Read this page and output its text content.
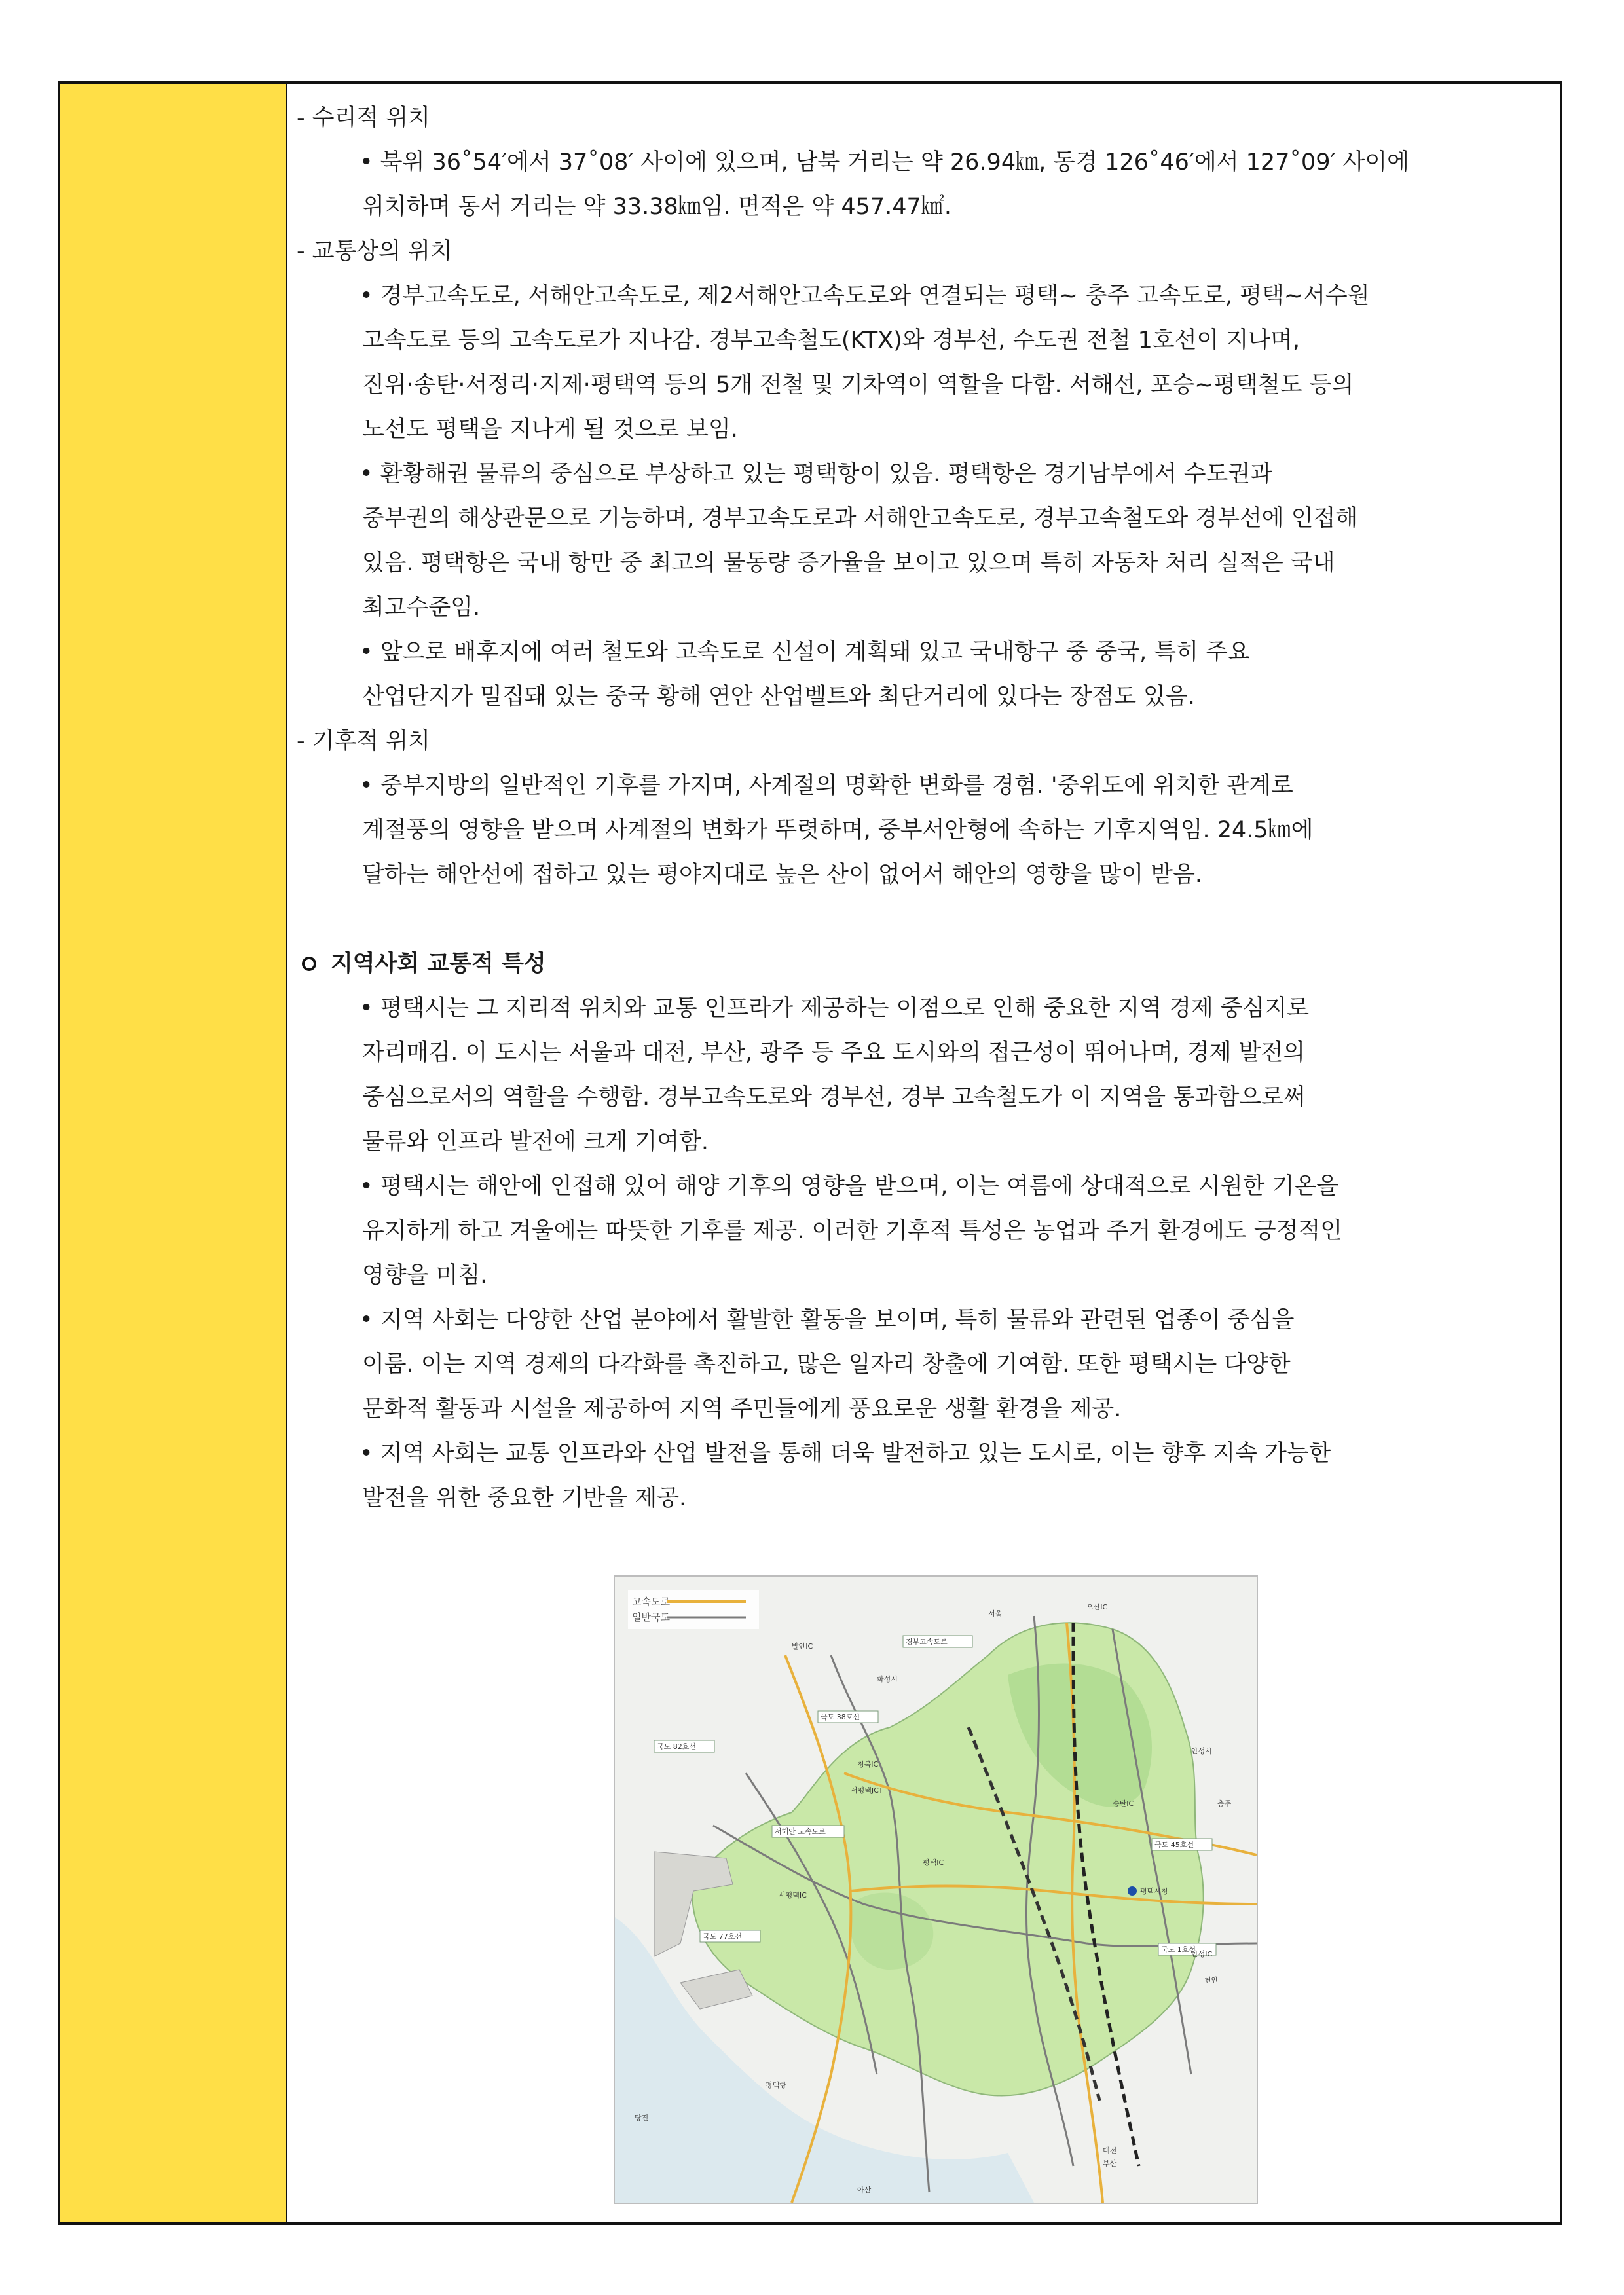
- 수리적 위치
• 북위 36˚54′에서 37˚08′ 사이에 있으며, 남북 거리는 약 26.94㎞, 동경 126˚46′에서 127˚09′ 사이에
위치하며 동서 거리는 약 33.38㎞임. 면적은 약 457.47㎢.
- 교통상의 위치
• 경부고속도로, 서해안고속도로, 제2서해안고속도로와 연결되는 평택~ 충주 고속도로, 평택~서수원
고속도로 등의 고속도로가 지나감. 경부고속철도(KTX)와 경부선, 수도권 전철 1호선이 지나며,
진위·송탄·서정리·지제·평택역 등의 5개 전철 및 기차역이 역할을 다함. 서해선, 포승~평택철도 등의
노선도 평택을 지나게 될 것으로 보임.
• 환황해권 물류의 중심으로 부상하고 있는 평택항이 있음. 평택항은 경기남부에서 수도권과
중부권의 해상관문으로 기능하며, 경부고속도로과 서해안고속도로, 경부고속철도와 경부선에 인접해
있음. 평택항은 국내 항만 중 최고의 물동량 증가율을 보이고 있으며 특히 자동차 처리 실적은 국내
최고수준임.
• 앞으로 배후지에 여러 철도와 고속도로 신설이 계획돼 있고 국내항구 중 중국, 특히 주요
산업단지가 밀집돼 있는 중국 황해 연안 산업벨트와 최단거리에 있다는 장점도 있음.
- 기후적 위치
• 중부지방의 일반적인 기후를 가지며, 사계절의 명확한 변화를 경험. '중위도에 위치한 관계로
계절풍의 영향을 받으며 사계절의 변화가 뚜렷하며, 중부서안형에 속하는 기후지역임. 24.5㎞에
달하는 해안선에 접하고 있는 평야지대로 높은 산이 없어서 해안의 영향을 많이 받음.
지역사회 교통적 특성
• 평택시는 그 지리적 위치와 교통 인프라가 제공하는 이점으로 인해 중요한 지역 경제 중심지로
자리매김. 이 도시는 서울과 대전, 부산, 광주 등 주요 도시와의 접근성이 뛰어나며, 경제 발전의
중심으로서의 역할을 수행함. 경부고속도로와 경부선, 경부 고속철도가 이 지역을 통과함으로써
물류와 인프라 발전에 크게 기여함.
• 평택시는 해안에 인접해 있어 해양 기후의 영향을 받으며, 이는 여름에 상대적으로 시원한 기온을
유지하게 하고 겨울에는 따뜻한 기후를 제공. 이러한 기후적 특성은 농업과 주거 환경에도 긍정적인
영향을 미침.
• 지역 사회는 다양한 산업 분야에서 활발한 활동을 보이며, 특히 물류와 관련된 업종이 중심을
이룸. 이는 지역 경제의 다각화를 촉진하고, 많은 일자리 창출에 기여함. 또한 평택시는 다양한
문화적 활동과 시설을 제공하여 지역 주민들에게 풍요로운 생활 환경을 제공.
• 지역 사회는 교통 인프라와 산업 발전을 통해 더욱 발전하고 있는 도시로, 이는 향후 지속 가능한
발전을 위한 중요한 기반을 제공.
고속도로
일반국도
국도 38호선
국도 45호선
국도 1호선
국도 82호선
국도 77호선
서해안 고속도로
경부고속도로
서울
오산IC
발안IC
송탄IC
서평택JCT
청북IC
안성IC
평택IC
서평택IC
평택항
평택시청
대전
부산
천안
아산
당진
충주
화성시
안성시
